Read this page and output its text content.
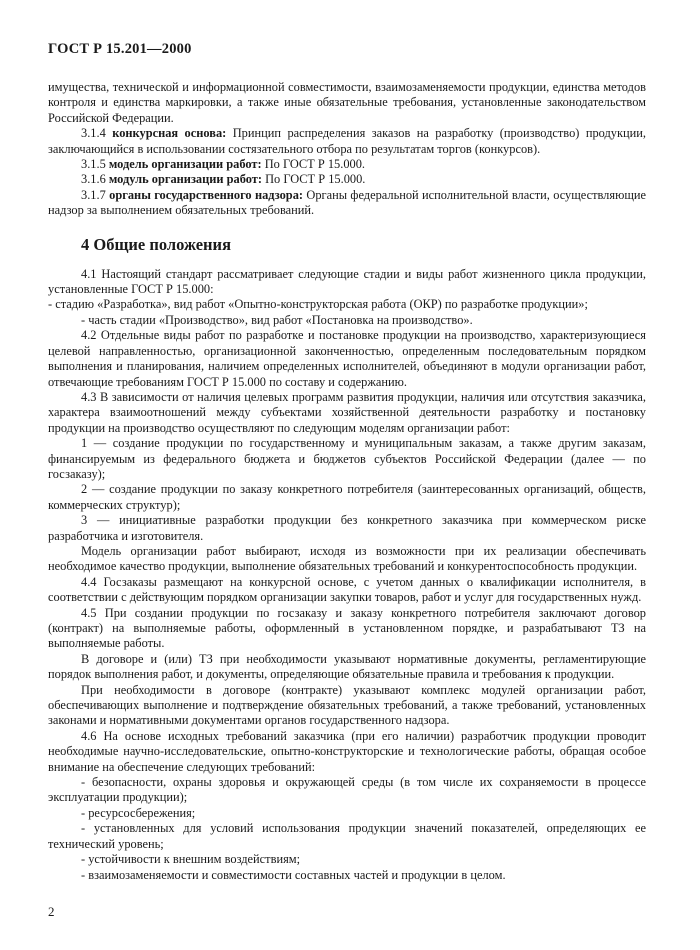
ГОСТ Р 15.201—2000

имущества, технической и информационной совместимости, взаимозаменяемости продукции, единства методов контроля и единства маркировки, а также иные обязательные требования, установленные законодательством Российской Федерации.

3.1.4 конкурсная основа: Принцип распределения заказов на разработку (производство) продукции, заключающийся в использовании состязательного отбора по результатам торгов (конкурсов).

3.1.5 модель организации работ: По ГОСТ Р 15.000.

3.1.6 модуль организации работ: По ГОСТ Р 15.000.

3.1.7 органы государственного надзора: Органы федеральной исполнительной власти, осуществляющие надзор за выполнением обязательных требований.

4 Общие положения

4.1 Настоящий стандарт рассматривает следующие стадии и виды работ жизненного цикла продукции, установленные ГОСТ Р 15.000:

- стадию «Разработка», вид работ «Опытно-конструкторская работа (ОКР) по разработке продукции»;

- часть стадии «Производство», вид работ «Постановка на производство».

4.2 Отдельные виды работ по разработке и постановке продукции на производство, характеризующиеся целевой направленностью, организационной законченностью, определенным последовательным порядком выполнения и планирования, наличием определенных исполнителей, объединяют в модули организации работ, отвечающие требованиям ГОСТ Р 15.000 по составу и содержанию.

4.3 В зависимости от наличия целевых программ развития продукции, наличия или отсутствия заказчика, характера взаимоотношений между субъектами хозяйственной деятельности разработку и постановку продукции на производство осуществляют по следующим моделям организации работ:

1 — создание продукции по государственному и муниципальным заказам, а также другим заказам, финансируемым из федерального бюджета и бюджетов субъектов Российской Федерации (далее — по госзаказу);

2 — создание продукции по заказу конкретного потребителя (заинтересованных организаций, обществ, коммерческих структур);

3 — инициативные разработки продукции без конкретного заказчика при коммерческом риске разработчика и изготовителя.

Модель организации работ выбирают, исходя из возможности при их реализации обеспечивать необходимое качество продукции, выполнение обязательных требований и конкурентоспособность продукции.

4.4 Госзаказы размещают на конкурсной основе, с учетом данных о квалификации исполнителя, в соответствии с действующим порядком организации закупки товаров, работ и услуг для государственных нужд.

4.5 При создании продукции по госзаказу и заказу конкретного потребителя заключают договор (контракт) на выполняемые работы, оформленный в установленном порядке, и разрабатывают ТЗ на выполняемые работы.

В договоре и (или) ТЗ при необходимости указывают нормативные документы, регламентирующие порядок выполнения работ, и документы, определяющие обязательные правила и требования к продукции.

При необходимости в договоре (контракте) указывают комплекс модулей организации работ, обеспечивающих выполнение и подтверждение обязательных требований, а также требований, установленных законами и нормативными документами органов государственного надзора.

4.6 На основе исходных требований заказчика (при его наличии) разработчик продукции проводит необходимые научно-исследовательские, опытно-конструкторские и технологические работы, обращая особое внимание на обеспечение следующих требований:

- безопасности, охраны здоровья и окружающей среды (в том числе их сохраняемости в процессе эксплуатации продукции);

- ресурсосбережения;

- установленных для условий использования продукции значений показателей, определяющих ее технический уровень;

- устойчивости к внешним воздействиям;

- взаимозаменяемости и совместимости составных частей и продукции в целом.

2
